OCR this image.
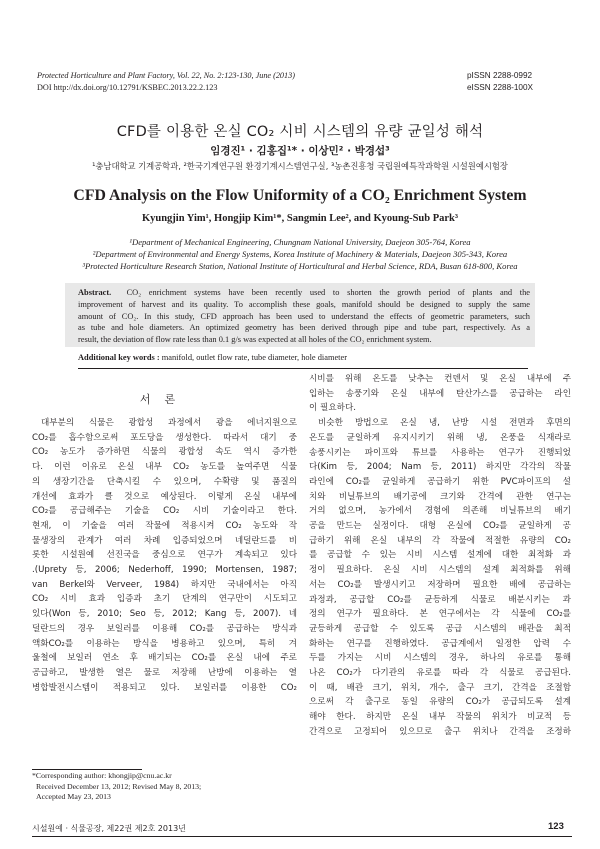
Protected Horticulture and Plant Factory, Vol. 22, No. 2:123-130, June (2013)
DOI http://dx.doi.org/10.12791/KSBEC.2013.22.2.123
pISSN 2288-0992
eISSN 2288-100X
CFD를 이용한 온실 CO₂ 시비 시스템의 유량 균일성 해석
임경진¹ · 김홍집¹* · 이상민² · 박경섭³
¹충남대학교 기계공학과, ²한국기계연구원 환경기계시스템연구실, ³농촌진흥청 국립원예특작과학원 시설원예시험장
CFD Analysis on the Flow Uniformity of a CO₂ Enrichment System
Kyungjin Yim¹, Hongjip Kim¹*, Sangmin Lee², and Kyoung-Sub Park³
¹Department of Mechanical Engineering, Chungnam National University, Daejeon 305-764, Korea
²Department of Environmental and Energy Systems, Korea Institute of Machinery & Materials, Daejeon 305-343, Korea
³Protected Horticulture Research Station, National Institute of Horticultural and Herbal Science, RDA, Busan 618-800, Korea
Abstract. CO₂ enrichment systems have been recently used to shorten the growth period of plants and the
improvement of harvest and its quality. To accomplish these goals, manifold should be designed to supply the same
amount of CO₂. In this study, CFD approach has been used to understand the effects of geometric parameters, such
as tube and hole diameters. An optimized geometry has been derived through pipe and tube part, respectively. As a
result, the deviation of flow rate less than 0.1 g/s was expected at all holes of the CO₂ enrichment system.
Additional key words : manifold, outlet flow rate, tube diameter, hole diameter
서론
대부분의 식물은 광합성 과정에서 광을 에너지원으로
CO₂를 흡수함으로써 포도당을 생성한다. 따라서 대기 중
CO₂ 농도가 증가하면 식물의 광합성 속도 역시 증가한
다. 이런 이유로 온실 내부 CO₂ 농도를 높여주면 식물
의 생장기간을 단축시킬 수 있으며, 수확량 및 품질의
개선에 효과가 클 것으로 예상된다. 이렇게 온실 내부에
CO₂를 공급해주는 기술을 CO₂ 시비 기술이라고 한다.
현재, 이 기술을 여러 작물에 적용시켜 CO₂ 농도와 작
물생장의 관계가 여러 차례 입증되었으며 네덜란드를 비
롯한 시설원예 선진국을 중심으로 연구가 계속되고 있다
.(Uprety 등, 2006; Nederhoff, 1990; Mortensen, 1987;
van Berkel와 Verveer, 1984) 하지만 국내에서는 아직
CO₂ 시비 효과 입증과 초기 단계의 연구만이 시도되고
있다(Won 등, 2010; Seo 등, 2012; Kang 등, 2007). 네
덜란드의 경우 보일러를 이용해 CO₂를 공급하는 방식과
액화CO₂를 이용하는 방식을 병용하고 있으며, 특히 겨
울철에 보일러 연소 후 배기되는 CO₂를 온실 내에 주로
공급하고, 발생한 열은 물로 저장해 난방에 이용하는 열
병합발전시스템이 적용되고 있다. 보일러를 이용한 CO₂
시비를 위해 온도를 낮추는 컨덴서 및 온실 내부에 주
입하는 송풍기와 온실 내부에 탄산가스를 공급하는 라인
이 필요하다.
비슷한 방법으로 온실 냉, 난방 시설 전면과 후면의
온도를 균일하게 유지시키기 위해 냉, 온풍을 식재라로
송풍시키는 파이프와 튜브를 사용하는 연구가 진행되었
다(Kim 등, 2004; Nam 등, 2011) 하지만 각각의 작물
라인에 CO₂를 균일하게 공급하기 위한 PVC파이프의 설
치와 비닐튜브의 배기공에 크기와 간격에 관한 연구는
거의 없으며, 농가에서 경험에 의존해 비닐튜브의 배기
공을 만드는 실정이다. 대형 온실에 CO₂를 균일하게 공
급하기 위해 온실 내부의 각 작물에 적절한 유량의 CO₂
를 공급할 수 있는 시비 시스템 설계에 대한 최적화 과
정이 필요하다. 온실 시비 시스템의 설계 최적화를 위해
서는 CO₂를 발생시키고 저장하며 필요한 배에 공급하는
과정과, 공급할 CO₂를 균등하게 식물로 배분시키는 과
정의 연구가 필요하다. 본 연구에서는 각 식물에 CO₂를
균등하게 공급할 수 있도록 공급 시스템의 배관을 최적
화하는 연구를 진행하였다. 공급계에서 일정한 압력 수
두를 가지는 시비 시스템의 경우, 하나의 유로를 통해
나온 CO₂가 다기관의 유로를 따라 각 식물로 공급된다.
이 때, 배관 크기, 위치, 개수, 출구 크기, 간격을 조절함
으로써 각 출구로 동일 유량의 CO₂가 공급되도록 설계
해야 한다. 하지만 온실 내부 작물의 위치가 비교적 등
간격으로 고정되어 있으므로 출구 위치나 간격을 조정하
*Corresponding author: khongjip@cnu.ac.kr
Received December 13, 2012; Revised May 8, 2013;
Accepted May 23, 2013
시설원예 · 식물공장, 제22권 제2호 2013년	123
